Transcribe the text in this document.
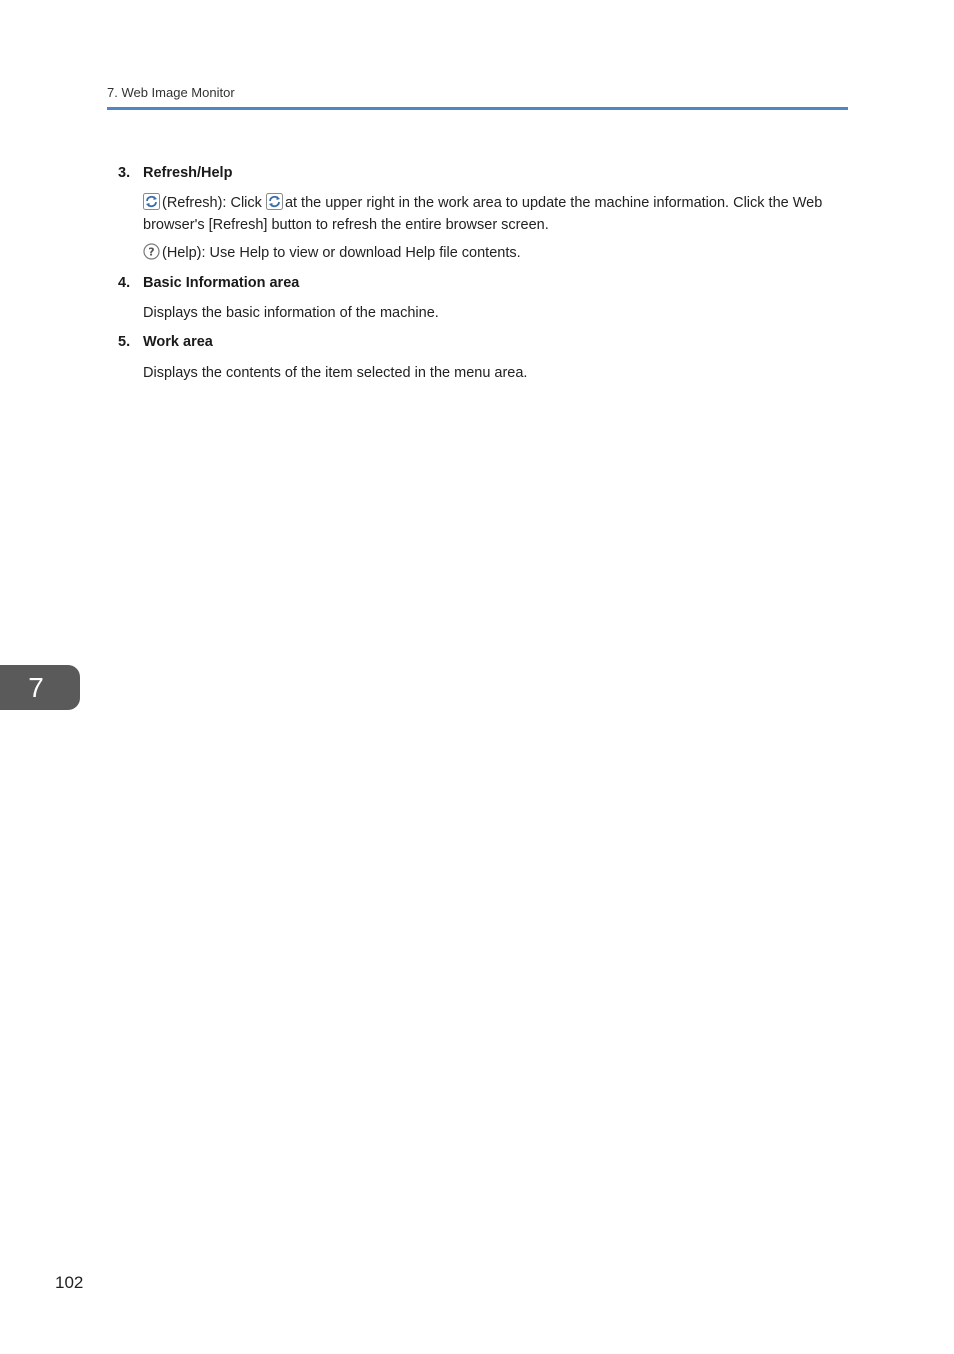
7. Web Image Monitor
3. Refresh/Help
(Refresh): Click at the upper right in the work area to update the machine information. Click the Web browser's [Refresh] button to refresh the entire browser screen.
? (Help): Use Help to view or download Help file contents.
4. Basic Information area
Displays the basic information of the machine.
5. Work area
Displays the contents of the item selected in the menu area.
7
102
